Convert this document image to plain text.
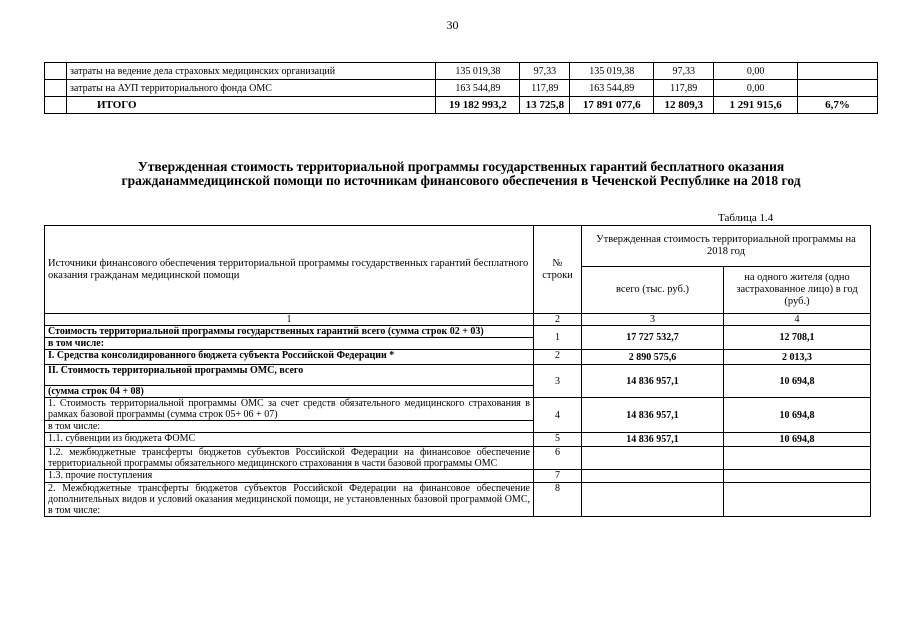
30
	затраты на ведение дела страховых медицинских организаций	135 019,38	97,33	135 019,38	97,33	0,00	
	затраты на АУП территориального фонда ОМС	163 544,89	117,89	163 544,89	117,89	0,00	
	ИТОГО	19 182 993,2	13 725,8	17 891 077,6	12 809,3	1 291 915,6	6,7%
Утвержденная стоимость территориальной программы государственных гарантий бесплатного оказания
гражданаммедицинской помощи по источникам финансового обеспечения в Чеченской Республике на 2018 год
Таблица 1.4
Источники финансового обеспечения территориальной программы государственных гарантий бесплатного оказания гражданам медицинской помощи	№ строки	Утвержденная стоимость территориальной программы на 2018 год	
		всего (тыс. руб.)	на одного жителя (одно застрахованное лицо) в год (руб.)
1	2	3	4
Стоимость территориальной программы государственных гарантий всего (сумма строк 02 + 03)	1	17 727 532,7	12 708,1
в том числе:			
I. Средства консолидированного бюджета субъекта Российской Федерации *	2	2 890 575,6	2 013,3
II. Стоимость территориальной программы ОМС, всего	3	14 836 957,1	10 694,8
(сумма строк 04 + 08)			
1. Стоимость территориальной программы ОМС за счет средств обязательного медицинского страхования в рамках базовой программы (сумма строк 05+ 06 + 07)	4	14 836 957,1	10 694,8
в том числе:			
1.1. субвенции из бюджета ФОМС	5	14 836 957,1	10 694,8
1.2. межбюджетные трансферты бюджетов субъектов Российской Федерации на финансовое обеспечение территориальной программы обязательного медицинского страхования в части базовой программы ОМС	6		
1.3. прочие поступления	7		
2. Межбюджетные трансферты бюджетов субъектов Российской Федерации на финансовое обеспечение дополнительных видов и условий оказания медицинской помощи, не установленных базовой программой ОМС, в том числе:	8		
